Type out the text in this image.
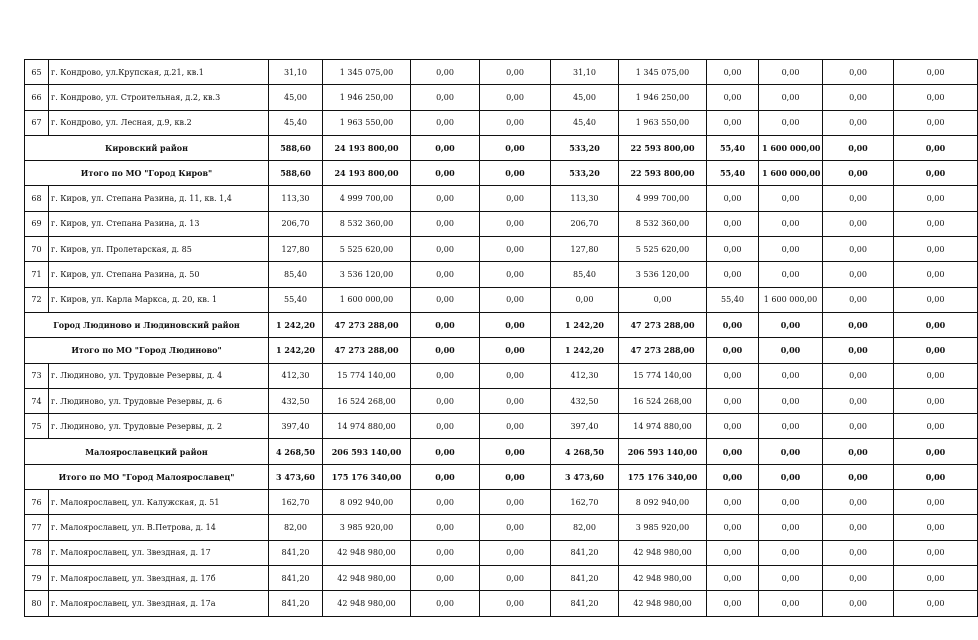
65	г. Кондрово, ул.Крупская, д.21, кв.1	31,10	1 345 075,00	0,00	0,00	31,10	1 345 075,00	0,00	0,00	0,00	0,00
66	г. Кондрово, ул. Строительная, д.2, кв.3	45,00	1 946 250,00	0,00	0,00	45,00	1 946 250,00	0,00	0,00	0,00	0,00
67	г. Кондрово, ул. Лесная, д.9, кв.2	45,40	1 963 550,00	0,00	0,00	45,40	1 963 550,00	0,00	0,00	0,00	0,00
Кировский район		588,60	24 193 800,00	0,00	0,00	533,20	22 593 800,00	55,40	1 600 000,00	0,00	0,00
Итого по МО "Город Киров"		588,60	24 193 800,00	0,00	0,00	533,20	22 593 800,00	55,40	1 600 000,00	0,00	0,00
68	г. Киров, ул. Степана Разина, д. 11, кв. 1,4	113,30	4 999 700,00	0,00	0,00	113,30	4 999 700,00	0,00	0,00	0,00	0,00
69	г. Киров, ул. Степана Разина, д. 13	206,70	8 532 360,00	0,00	0,00	206,70	8 532 360,00	0,00	0,00	0,00	0,00
70	г. Киров, ул. Пролетарская, д. 85	127,80	5 525 620,00	0,00	0,00	127,80	5 525 620,00	0,00	0,00	0,00	0,00
71	г. Киров, ул. Степана Разина, д. 50	85,40	3 536 120,00	0,00	0,00	85,40	3 536 120,00	0,00	0,00	0,00	0,00
72	г. Киров, ул. Карла Маркса, д. 20, кв. 1	55,40	1 600 000,00	0,00	0,00	0,00	0,00	55,40	1 600 000,00	0,00	0,00
Город Людиново и Людиновский район		1 242,20	47 273 288,00	0,00	0,00	1 242,20	47 273 288,00	0,00	0,00	0,00	0,00
Итого по МО "Город Людиново"		1 242,20	47 273 288,00	0,00	0,00	1 242,20	47 273 288,00	0,00	0,00	0,00	0,00
73	г. Людиново, ул. Трудовые Резервы, д. 4	412,30	15 774 140,00	0,00	0,00	412,30	15 774 140,00	0,00	0,00	0,00	0,00
74	г. Людиново, ул. Трудовые Резервы, д. 6	432,50	16 524 268,00	0,00	0,00	432,50	16 524 268,00	0,00	0,00	0,00	0,00
75	г. Людиново, ул. Трудовые Резервы, д. 2	397,40	14 974 880,00	0,00	0,00	397,40	14 974 880,00	0,00	0,00	0,00	0,00
Малоярославецкий район		4 268,50	206 593 140,00	0,00	0,00	4 268,50	206 593 140,00	0,00	0,00	0,00	0,00
Итого по МО "Город Малоярославец"		3 473,60	175 176 340,00	0,00	0,00	3 473,60	175 176 340,00	0,00	0,00	0,00	0,00
76	г. Малоярославец, ул. Калужская, д. 51	162,70	8 092 940,00	0,00	0,00	162,70	8 092 940,00	0,00	0,00	0,00	0,00
77	г. Малоярославец, ул. В.Петрова, д. 14	82,00	3 985 920,00	0,00	0,00	82,00	3 985 920,00	0,00	0,00	0,00	0,00
78	г. Малоярославец, ул. Звездная, д. 17	841,20	42 948 980,00	0,00	0,00	841,20	42 948 980,00	0,00	0,00	0,00	0,00
79	г. Малоярославец, ул. Звездная, д. 17б	841,20	42 948 980,00	0,00	0,00	841,20	42 948 980,00	0,00	0,00	0,00	0,00
80	г. Малоярославец, ул. Звездная, д. 17а	841,20	42 948 980,00	0,00	0,00	841,20	42 948 980,00	0,00	0,00	0,00	0,00
